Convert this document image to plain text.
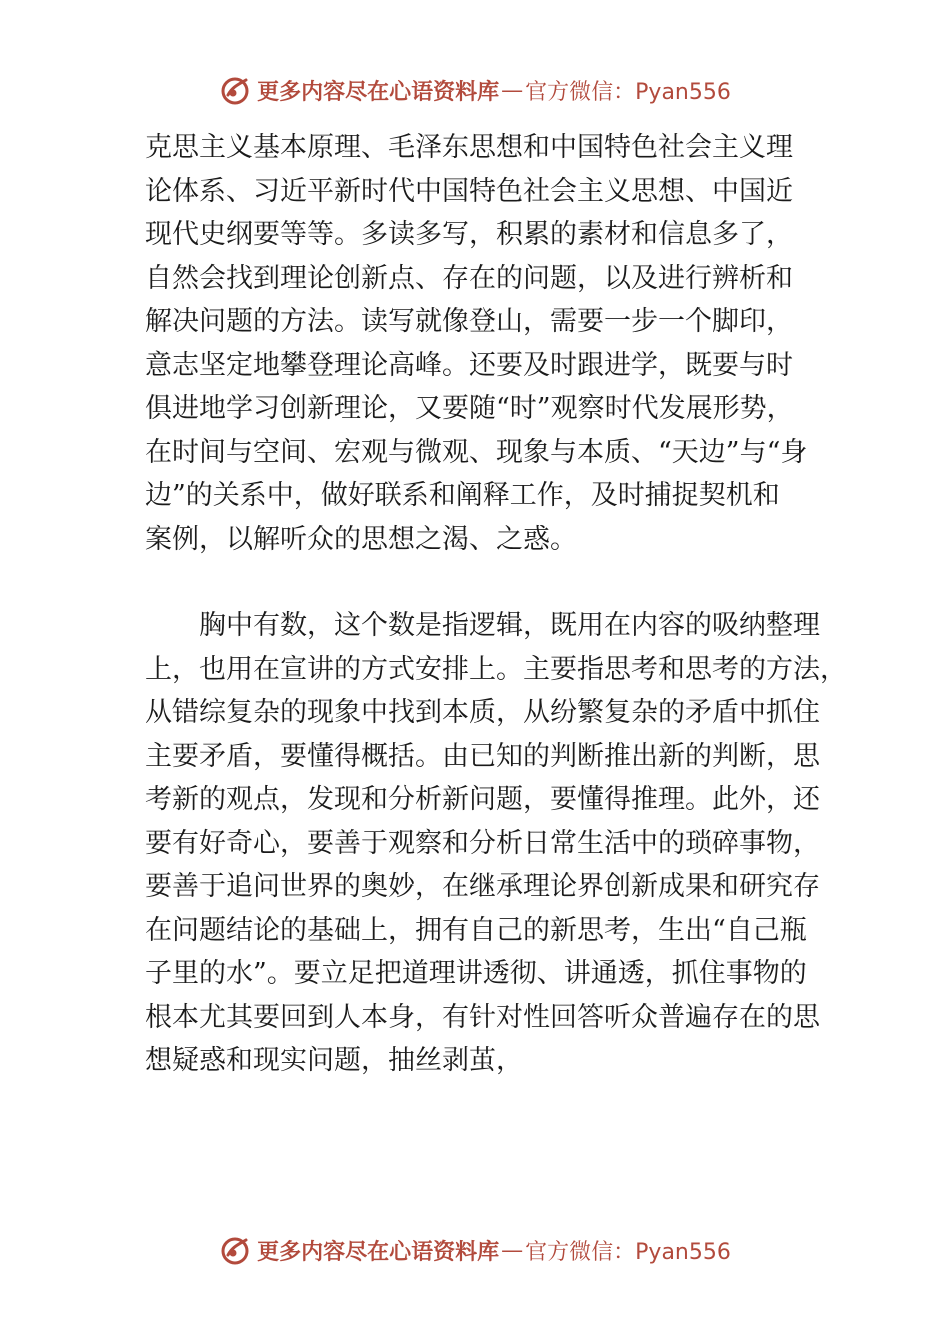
更多内容尽在心语资料库 — 官方微信：Pyan556

克思主义基本原理、毛泽东思想和中国特色社会主义理
论体系、习近平新时代中国特色社会主义思想、中国近
现代史纲要等等。多读多写，积累的素材和信息多了，
自然会找到理论创新点、存在的问题，以及进行辨析和
解决问题的方法。读写就像登山，需要一步一个脚印，
意志坚定地攀登理论高峰。还要及时跟进学，既要与时
俱进地学习创新理论，又要随“时”观察时代发展形势，
在时间与空间、宏观与微观、现象与本质、“天边”与“身
边”的关系中，做好联系和阐释工作，及时捕捉契机和
案例，以解听众的思想之渴、之惑。

胸中有数，这个数是指逻辑，既用在内容的吸纳整理
上，也用在宣讲的方式安排上。主要指思考和思考的方法，
从错综复杂的现象中找到本质，从纷繁复杂的矛盾中抓住
主要矛盾，要懂得概括。由已知的判断推出新的判断，思
考新的观点，发现和分析新问题，要懂得推理。此外，还
要有好奇心，要善于观察和分析日常生活中的琐碎事物，
要善于追问世界的奥妙，在继承理论界创新成果和研究存
在问题结论的基础上，拥有自己的新思考，生出“自己瓶
子里的水”。要立足把道理讲透彻、讲通透，抓住事物的
根本尤其要回到人本身，有针对性回答听众普遍存在的思
想疑惑和现实问题，抽丝剥茧，

更多内容尽在心语资料库 — 官方微信：Pyan556
